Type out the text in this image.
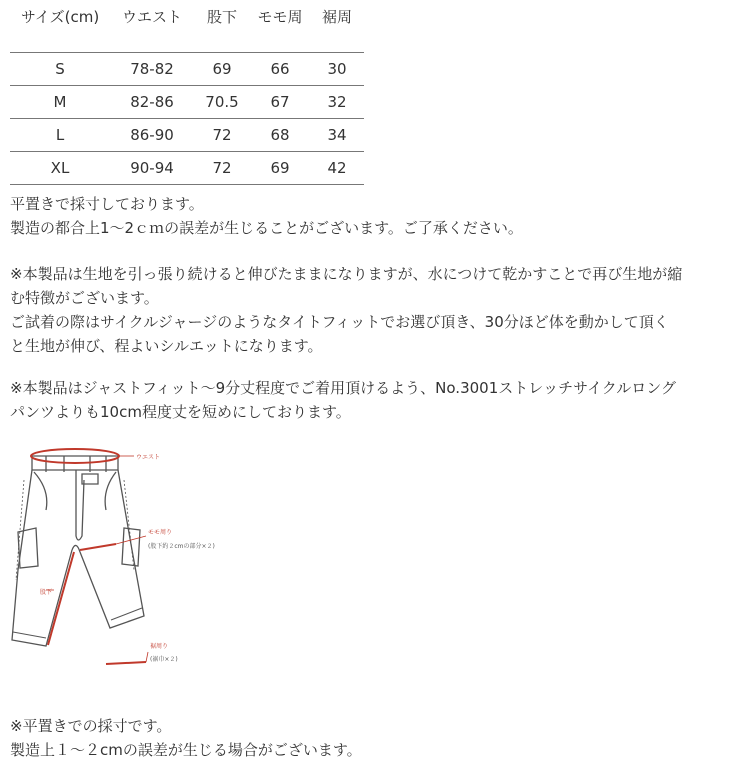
サイズ(cm)	ウエスト	股下	モモ周	裾周
S	78-82	69	66	30
M	82-86	70.5	67	32
L	86-90	72	68	34
XL	90-94	72	69	42

平置きで採寸しております。
製造の都合上1～2ｃｍの誤差が生じることがございます。ご了承ください。

※本製品は生地を引っ張り続けると伸びたままになりますが、水につけて乾かすことで再び生地が縮
む特徴がございます。
ご試着の際はサイクルジャージのようなタイトフィットでお選び頂き、30分ほど体を動かして頂く
と生地が伸び、程よいシルエットになります。

※本製品はジャストフィット～9分丈程度でご着用頂けるよう、No.3001ストレッチサイクルロング
パンツよりも10cm程度丈を短めにしております。

ウエスト
モモ周り
(股下約２cmの部分×２)
股下
裾周り
(裾巾×２)

※平置きでの採寸です。
製造上１～２cmの誤差が生じる場合がございます。
